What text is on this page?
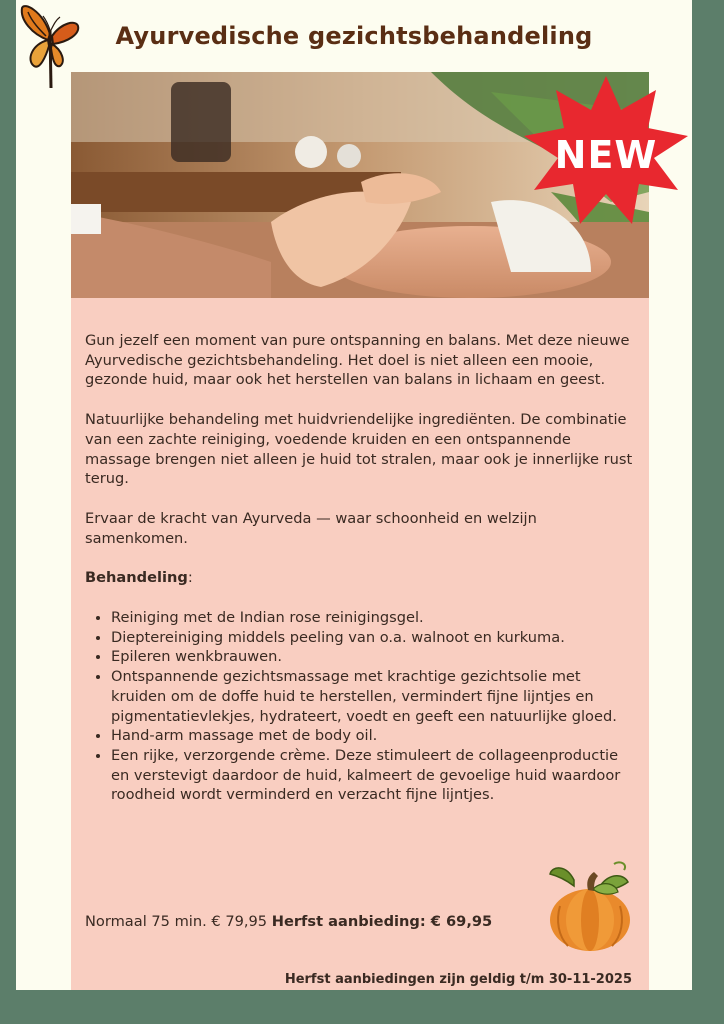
Ayurvedische gezichtsbehandeling
NEW

Gun jezelf een moment van pure ontspanning en balans. Met deze nieuwe Ayurvedische gezichtsbehandeling. Het doel is niet alleen een mooie, gezonde huid, maar ook het herstellen van balans in lichaam en geest.

Natuurlijke behandeling met huidvriendelijke ingrediënten. De combinatie van een zachte reiniging, voedende kruiden en een ontspannende massage brengen niet alleen je huid tot stralen, maar ook je innerlijke rust terug.

Ervaar de kracht van Ayurveda — waar schoonheid en welzijn samenkomen.

Behandeling:
• Reiniging met de Indian rose reinigingsgel.
• Dieptereiniging middels peeling van o.a. walnoot en kurkuma.
• Epileren wenkbrauwen.
• Ontspannende gezichtsmassage met krachtige gezichtsolie met kruiden om de doffe huid te herstellen, vermindert fijne lijntjes en pigmentatievlekjes, hydrateert, voedt en geeft een natuurlijke gloed.
• Hand-arm massage met de body oil.
• Een rijke, verzorgende crème. Deze stimuleert de collageenproductie en verstevigt daardoor de huid, kalmeert de gevoelige huid waardoor roodheid wordt verminderd en verzacht fijne lijntjes.
Normaal 75 min. € 79,95 Herfst aanbieding: € 69,95
Herfst aanbiedingen zijn geldig t/m 30-11-2025
